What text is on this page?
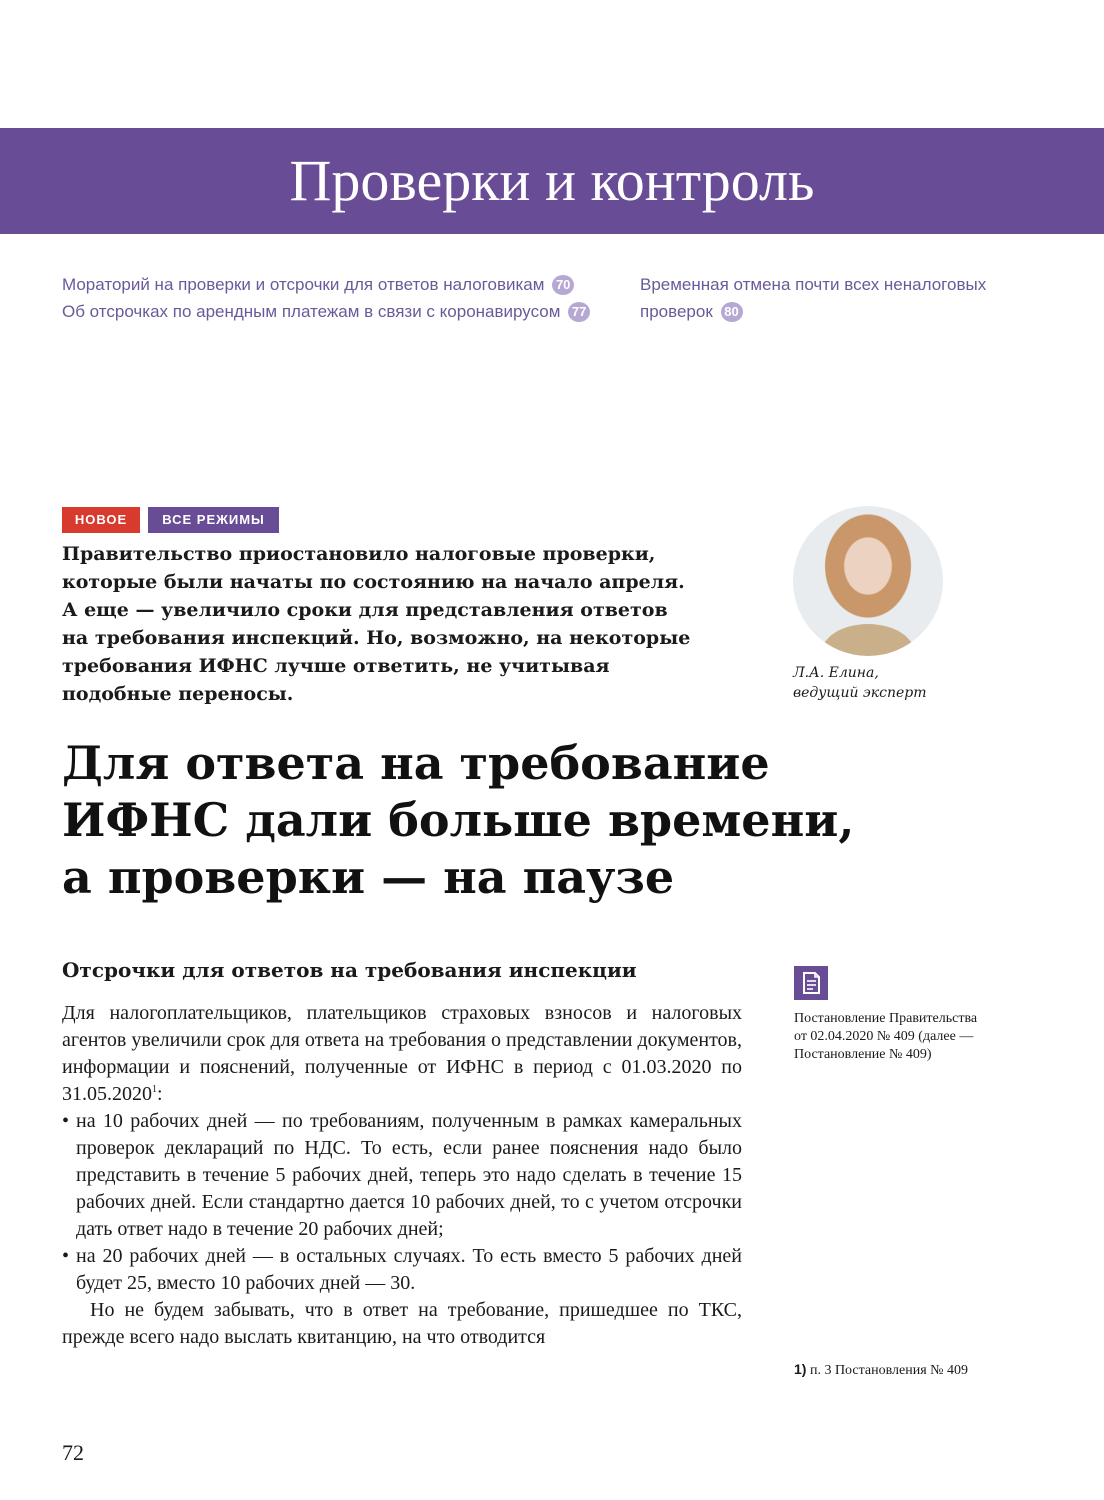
Проверки и контроль
Мораторий на проверки и отсрочки для ответов налоговикам 70
Об отсрочках по арендным платежам в связи с коронавирусом 77
Временная отмена почти всех неналоговых
проверок 80
НОВОЕ	ВСЕ РЕЖИМЫ
Правительство приостановило налоговые проверки,
которые были начаты по состоянию на начало апреля.
А еще — увеличило сроки для представления ответов
на требования инспекций. Но, возможно, на некоторые
требования ИФНС лучше ответить, не учитывая
подобные переносы.
Л.А. Елина,
ведущий эксперт
Для ответа на требование
ИФНС дали больше времени,
а проверки — на паузе
Отсрочки для ответов на требования инспекции

Для налогоплательщиков, плательщиков страховых взносов и налоговых агентов увеличили срок для ответа на требования о представлении документов, информации и пояснений, полученные от ИФНС в период с 01.03.2020 по 31.05.2020$^1$:

• на 10 рабочих дней — по требованиям, полученным в рамках камеральных проверок деклараций по НДС. То есть, если ранее пояснения надо было представить в течение 5 рабочих дней, теперь это надо сделать в течение 15 рабочих дней. Если стандартно дается 10 рабочих дней, то с учетом отсрочки дать ответ надо в течение 20 рабочих дней;
• на 20 рабочих дней — в остальных случаях. То есть вместо 5 рабочих дней будет 25, вместо 10 рабочих дней — 30.

Но не будем забывать, что в ответ на требование, пришедшее по ТКС, прежде всего надо выслать квитанцию, на что отводится

Постановление Правительства
от 02.04.2020 № 409 (далее —
Постановление № 409)
1) п. 3 Постановления № 409
72
